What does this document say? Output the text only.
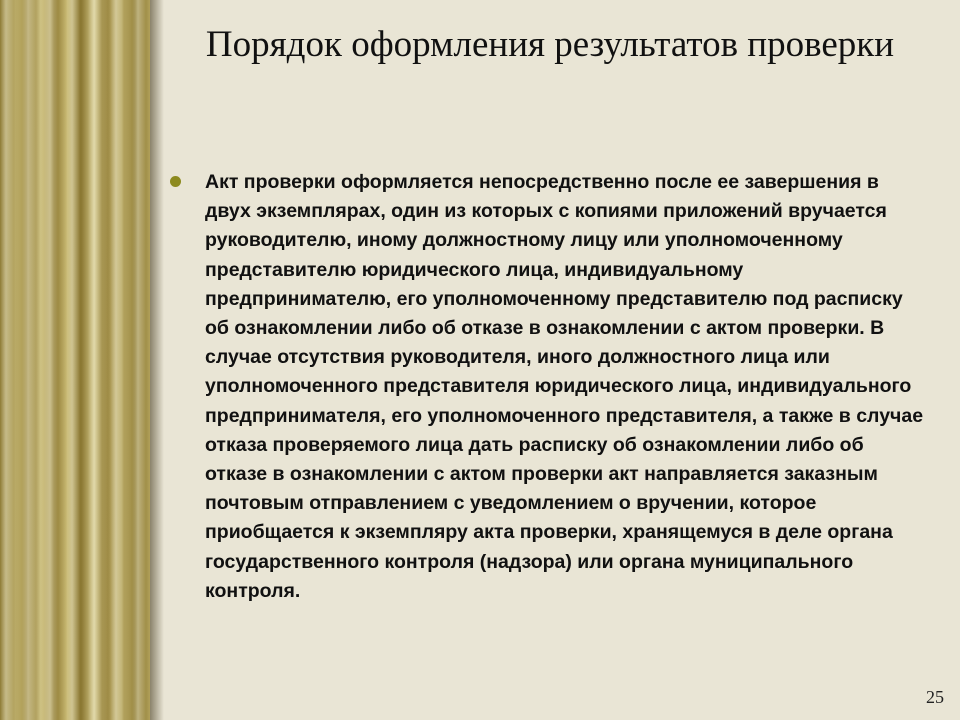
Порядок оформления результатов проверки
Акт проверки оформляется непосредственно после ее завершения в двух экземплярах, один из которых с копиями приложений вручается руководителю, иному должностному лицу или уполномоченному представителю юридического лица, индивидуальному предпринимателю, его уполномоченному представителю под расписку об ознакомлении либо об отказе в ознакомлении с актом проверки. В случае отсутствия руководителя, иного должностного лица или уполномоченного представителя юридического лица, индивидуального предпринимателя, его уполномоченного представителя, а также в случае отказа проверяемого лица дать расписку об ознакомлении либо об отказе в ознакомлении с актом проверки акт направляется заказным почтовым отправлением с уведомлением о вручении, которое приобщается к экземпляру акта проверки, хранящемуся в деле органа государственного контроля (надзора) или органа муниципального контроля.
25
